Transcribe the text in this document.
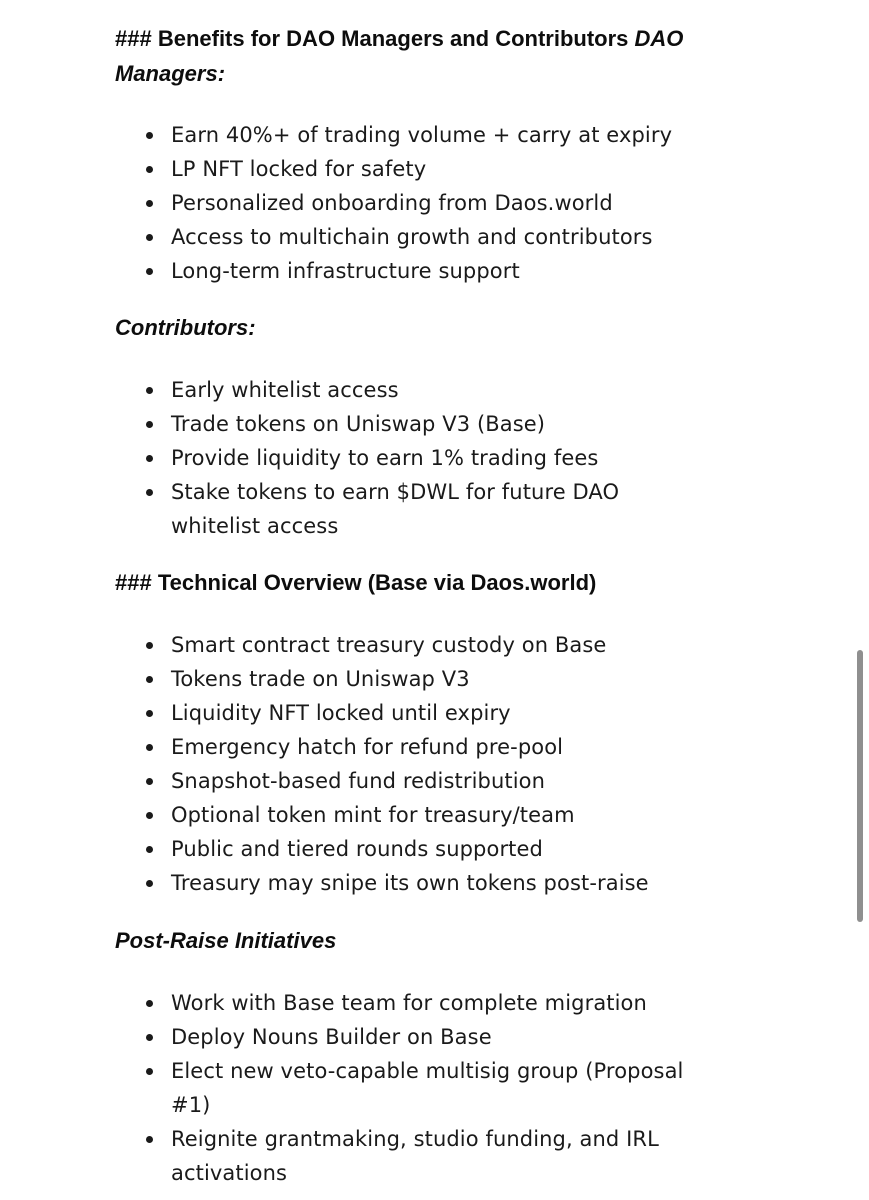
### Benefits for DAO Managers and Contributors DAO
Managers:

Earn 40%+ of trading volume + carry at expiry
LP NFT locked for safety
Personalized onboarding from Daos.world
Access to multichain growth and contributors
Long-term infrastructure support

Contributors:

Early whitelist access
Trade tokens on Uniswap V3 (Base)
Provide liquidity to earn 1% trading fees
Stake tokens to earn $DWL for future DAO whitelist access

### Technical Overview (Base via Daos.world)

Smart contract treasury custody on Base
Tokens trade on Uniswap V3
Liquidity NFT locked until expiry
Emergency hatch for refund pre-pool
Snapshot-based fund redistribution
Optional token mint for treasury/team
Public and tiered rounds supported
Treasury may snipe its own tokens post-raise

Post-Raise Initiatives

Work with Base team for complete migration
Deploy Nouns Builder on Base
Elect new veto-capable multisig group (Proposal #1)
Reignite grantmaking, studio funding, and IRL activations
